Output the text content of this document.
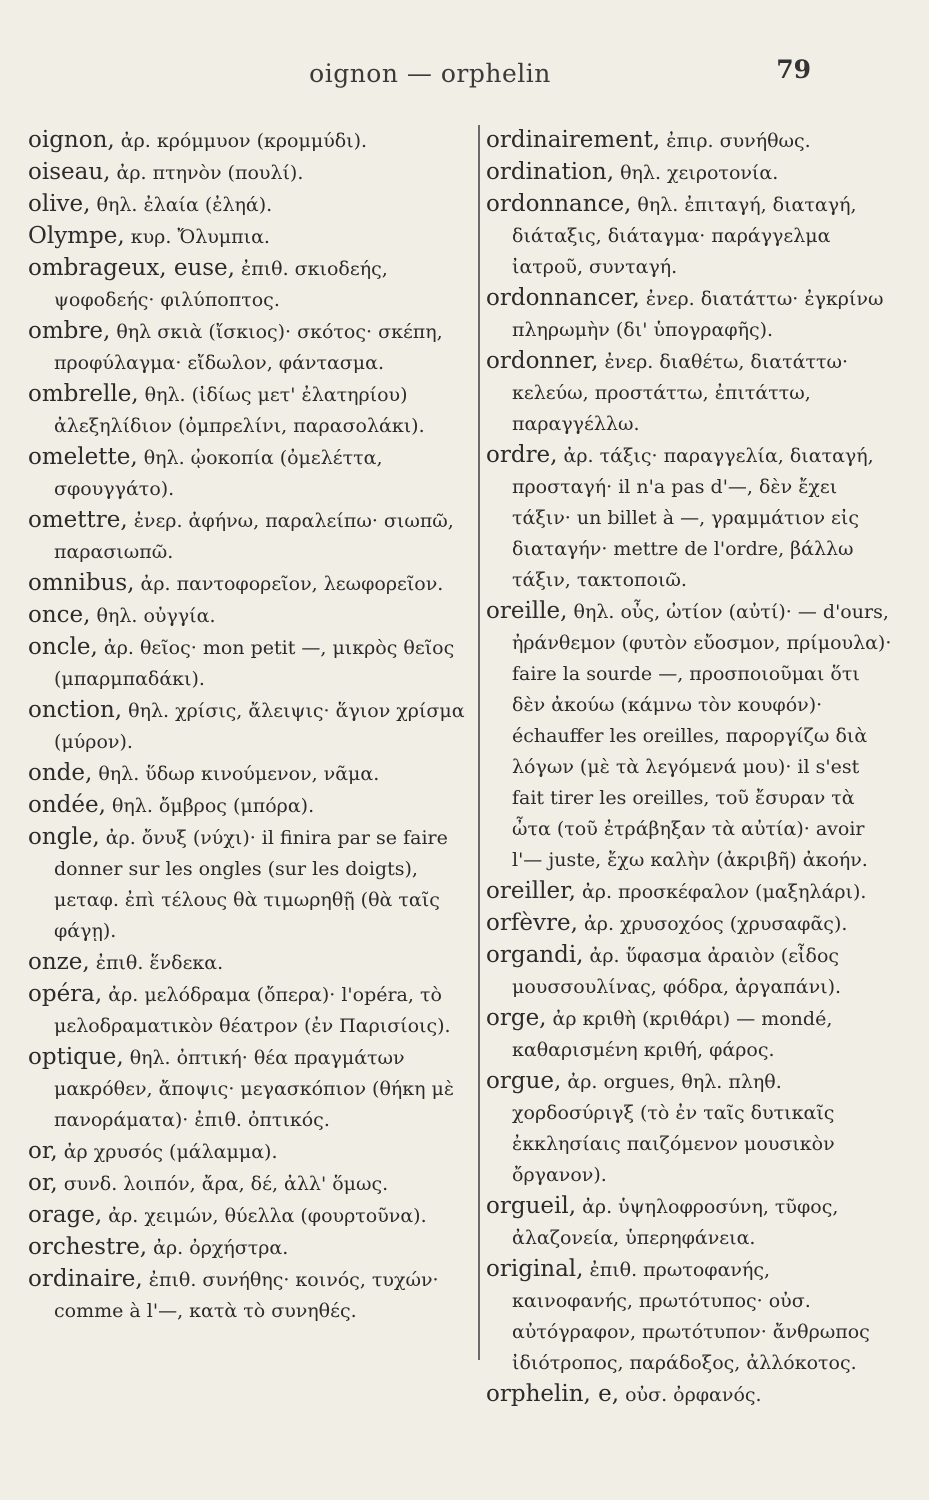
oignon — orphelin	79

oignon, ἀρ. κρόμμυον (κρομμύδι).

oiseau, ἀρ. πτηνὸν (πουλί).

olive, θηλ. ἐλαία (ἐληά).

Olympe, κυρ. Ὄλυμπια.

ombrageux, euse, ἐπιθ. σκιοδεής, ψοφοδεής· φιλύποπτος.

ombre, θηλ σκιὰ (ἴσκιος)· σκότος· σκέπη, προφύλαγμα· εἴδωλον, φάντασμα.

ombrelle, θηλ. (ἰδίως μετ' ἐλατηρίου) ἀλεξηλίδιον (ὀμπρελίνι, παρασολάκι).

omelette, θηλ. ᾠοκοπία (ὀμελέττα, σφουγγάτο).

omettre, ἐνερ. ἀφήνω, παραλείπω· σιωπῶ, παρασιωπῶ.

omnibus, ἀρ. παντοφορεῖον, λεωφορεῖον.

once, θηλ. οὐγγία.

oncle, ἀρ. θεῖος· mon petit —, μικρὸς θεῖος (μπαρμπαδάκι).

onction, θηλ. χρίσις, ἄλειψις· ἅγιον χρίσμα (μύρον).

onde, θηλ. ὕδωρ κινούμενον, νᾶμα.

ondée, θηλ. ὄμβρος (μπόρα).

ongle, ἀρ. ὄνυξ (νύχι)· il finira par se faire donner sur les ongles (sur les doigts), μεταφ. ἐπὶ τέλους θὰ τιμωρηθῇ (θὰ ταῖς φάγῃ).

onze, ἐπιθ. ἕνδεκα.

opéra, ἀρ. μελόδραμα (ὄπερα)· l'opéra, τὸ μελοδραματικὸν θέατρον (ἐν Παρισίοις).

optique, θηλ. ὀπτική· θέα πραγμάτων μακρόθεν, ἄποψις· μεγασκόπιον (θήκη μὲ πανοράματα)· ἐπιθ. ὀπτικός.

or, ἀρ χρυσός (μάλαμμα).

or, συνδ. λοιπόν, ἄρα, δέ, ἀλλ' ὅμως.

orage, ἀρ. χειμών, θύελλα (φουρτοῦνα).

orchestre, ἀρ. ὀρχήστρα.

ordinaire, ἐπιθ. συνήθης· κοινός, τυχών· comme à l'—, κατὰ τὸ συνηθές.

ordinairement, ἐπιρ. συνήθως.

ordination, θηλ. χειροτονία.

ordonnance, θηλ. ἐπιταγή, διαταγή, διάταξις, διάταγμα· παράγγελμα ἰατροῦ, συνταγή.

ordonnancer, ἐνερ. διατάττω· ἐγκρίνω πληρωμὴν (δι' ὑπογραφῆς).

ordonner, ἐνερ. διαθέτω, διατάττω· κελεύω, προστάττω, ἐπιτάττω, παραγγέλλω.

ordre, ἀρ. τάξις· παραγγελία, διαταγή, προσταγή· il n'a pas d'—, δὲν ἔχει τάξιν· un billet à —, γραμμάτιον εἰς διαταγήν· mettre de l'ordre, βάλλω τάξιν, τακτοποιῶ.

oreille, θηλ. οὖς, ὠτίον (αὐτί)· — d'ours, ἠράνθεμον (φυτὸν εὔοσμον, πρίμουλα)· faire la sourde —, προσποιοῦμαι ὅτι δὲν ἀκούω (κάμνω τὸν κουφόν)· échauffer les oreilles, παροργίζω διὰ λόγων (μὲ τὰ λεγόμενά μου)· il s'est fait tirer les oreilles, τοῦ ἔσυραν τὰ ὦτα (τοῦ ἐτράβηξαν τὰ αὐτία)· avoir l'— juste, ἔχω καλὴν (ἀκριβῆ) ἀκοήν.

oreiller, ἀρ. προσκέφαλον (μαξηλάρι).

orfèvre, ἀρ. χρυσοχόος (χρυσαφᾶς).

organdi, ἀρ. ὕφασμα ἀραιὸν (εἶδος μουσσουλίνας, φόδρα, ἀργαπάνι).

orge, ἀρ κριθὴ (κριθάρι) — mondé, καθαρισμένη κριθή, φάρος.

orgue, ἀρ. orgues, θηλ. πληθ. χορδοσύριγξ (τὸ ἐν ταῖς δυτικαῖς ἐκκλησίαις παιζόμενον μουσικὸν ὄργανον).

orgueil, ἀρ. ὑψηλοφροσύνη, τῦφος, ἀλαζονεία, ὑπερηφάνεια.

original, ἐπιθ. πρωτοφανής, καινοφανής, πρωτότυπος· οὐσ. αὐτόγραφον, πρωτότυπον· ἄνθρωπος ἰδιότροπος, παράδοξος, ἀλλόκοτος.

orphelin, e, οὐσ. ὀρφανός.
